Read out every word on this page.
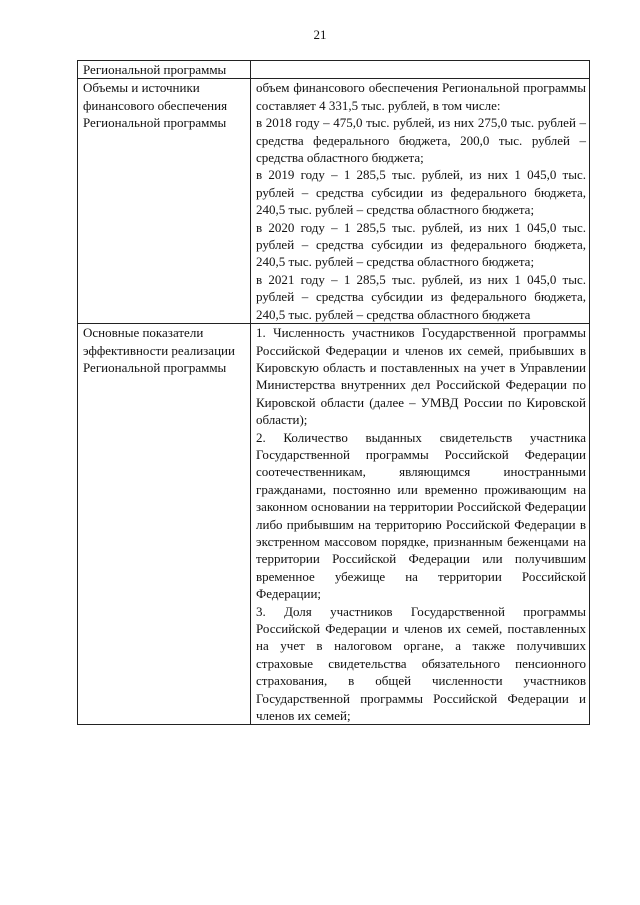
21
Региональной программы	

Объемы и источники финансового обеспечения Региональной программы	объем финансового обеспечения Региональной программы составляет 4 331,5 тыс. рублей, в том числе:
в 2018 году – 475,0 тыс. рублей, из них 275,0 тыс. рублей – средства федерального бюджета, 200,0 тыс. рублей – средства областного бюджета;
в 2019 году – 1 285,5 тыс. рублей, из них 1 045,0 тыс. рублей – средства субсидии из федерального бюджета, 240,5 тыс. рублей – средства областного бюджета;
в 2020 году – 1 285,5 тыс. рублей, из них 1 045,0 тыс. рублей – средства субсидии из федерального бюджета, 240,5 тыс. рублей – средства областного бюджета;
в 2021 году – 1 285,5 тыс. рублей, из них 1 045,0 тыс. рублей – средства субсидии из федерального бюджета, 240,5 тыс. рублей – средства областного бюджета

Основные показатели эффективности реализации Региональной программы	1. Численность участников Государственной программы Российской Федерации и членов их семей, прибывших в Кировскую область и поставленных на учет в Управлении Министерства внутренних дел Российской Федерации по Кировской области (далее – УМВД России по Кировской области);
2. Количество выданных свидетельств участника Государственной программы Российской Федерации соотечественникам, являющимся иностранными гражданами, постоянно или временно проживающим на законном основании на территории Российской Федерации либо прибывшим на территорию Российской Федерации в экстренном массовом порядке, признанным беженцами на территории Российской Федерации или получившим временное убежище на территории Российской Федерации;
3. Доля участников Государственной программы Российской Федерации и членов их семей, поставленных на учет в налоговом органе, а также получивших страховые свидетельства обязательного пенсионного страхования, в общей численности участников Государственной программы Российской Федерации и членов их семей;
